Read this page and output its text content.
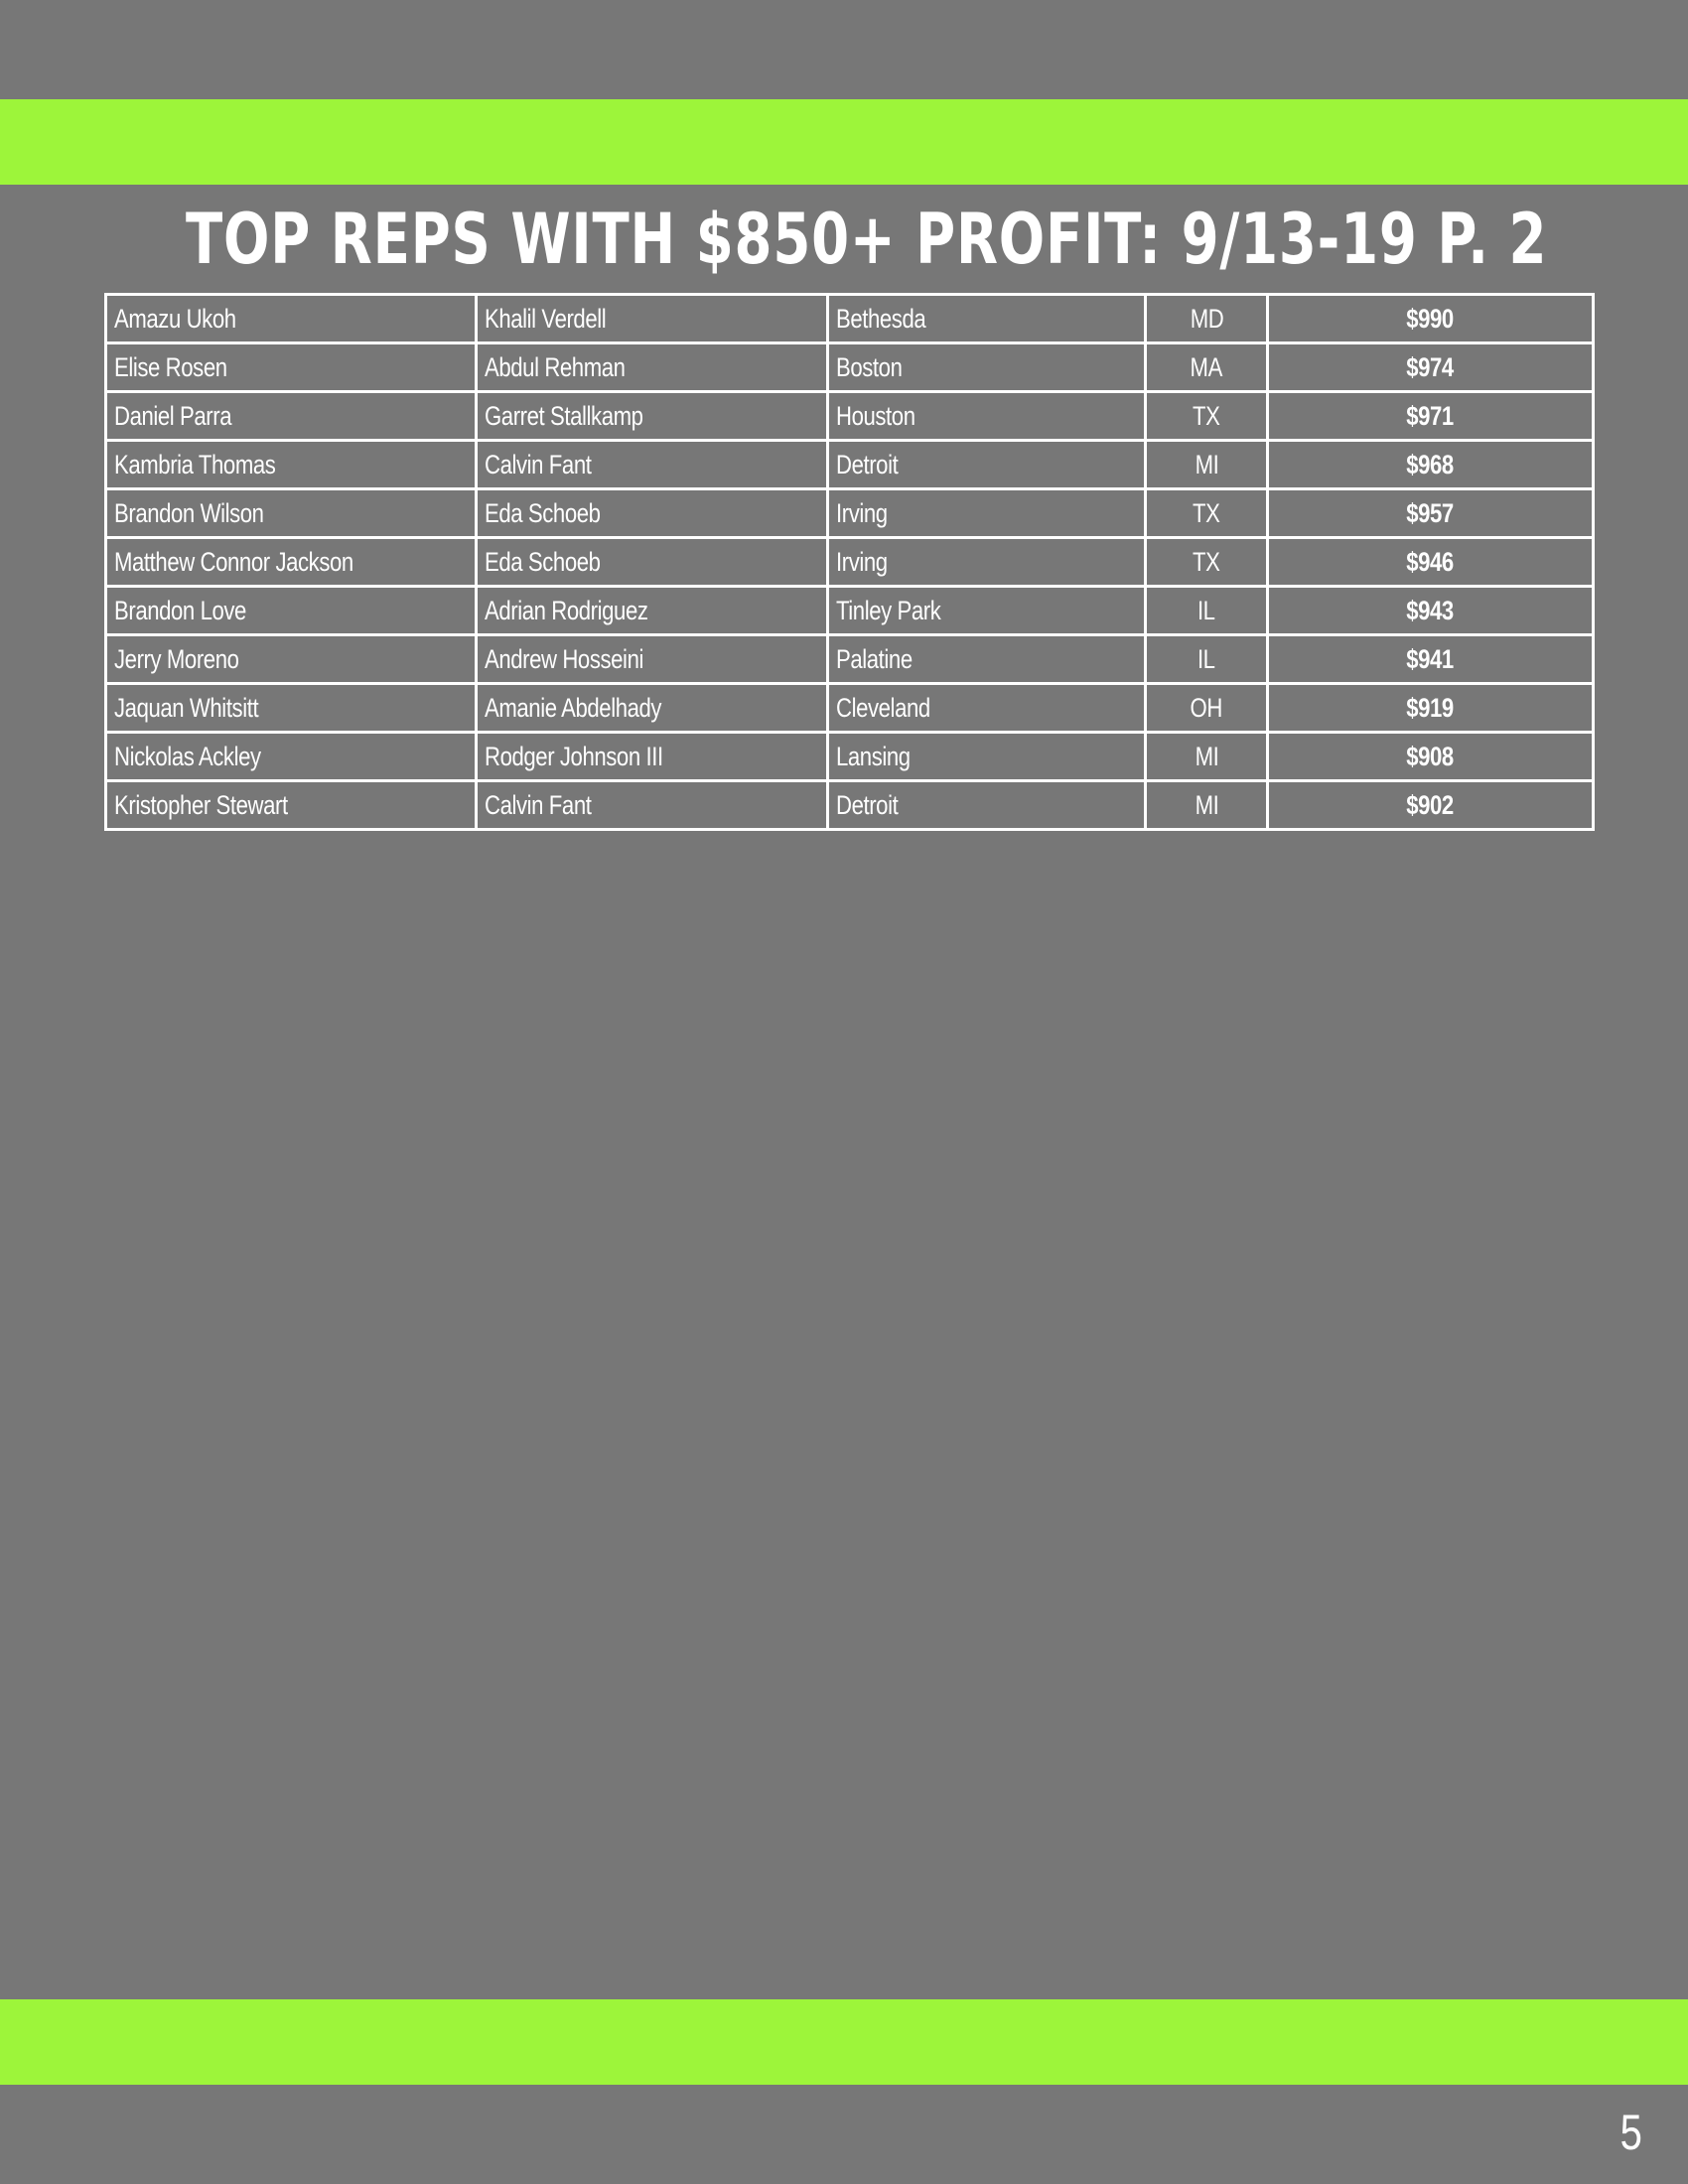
TOP REPS WITH $850+ PROFIT: 9/13-19 P. 2
Amazu Ukoh	Khalil Verdell	Bethesda	MD	$990
Elise Rosen	Abdul Rehman	Boston	MA	$974
Daniel Parra	Garret Stallkamp	Houston	TX	$971
Kambria Thomas	Calvin Fant	Detroit	MI	$968
Brandon Wilson	Eda Schoeb	Irving	TX	$957
Matthew Connor Jackson	Eda Schoeb	Irving	TX	$946
Brandon Love	Adrian Rodriguez	Tinley Park	IL	$943
Jerry Moreno	Andrew Hosseini	Palatine	IL	$941
Jaquan Whitsitt	Amanie Abdelhady	Cleveland	OH	$919
Nickolas Ackley	Rodger Johnson III	Lansing	MI	$908
Kristopher Stewart	Calvin Fant	Detroit	MI	$902
5
